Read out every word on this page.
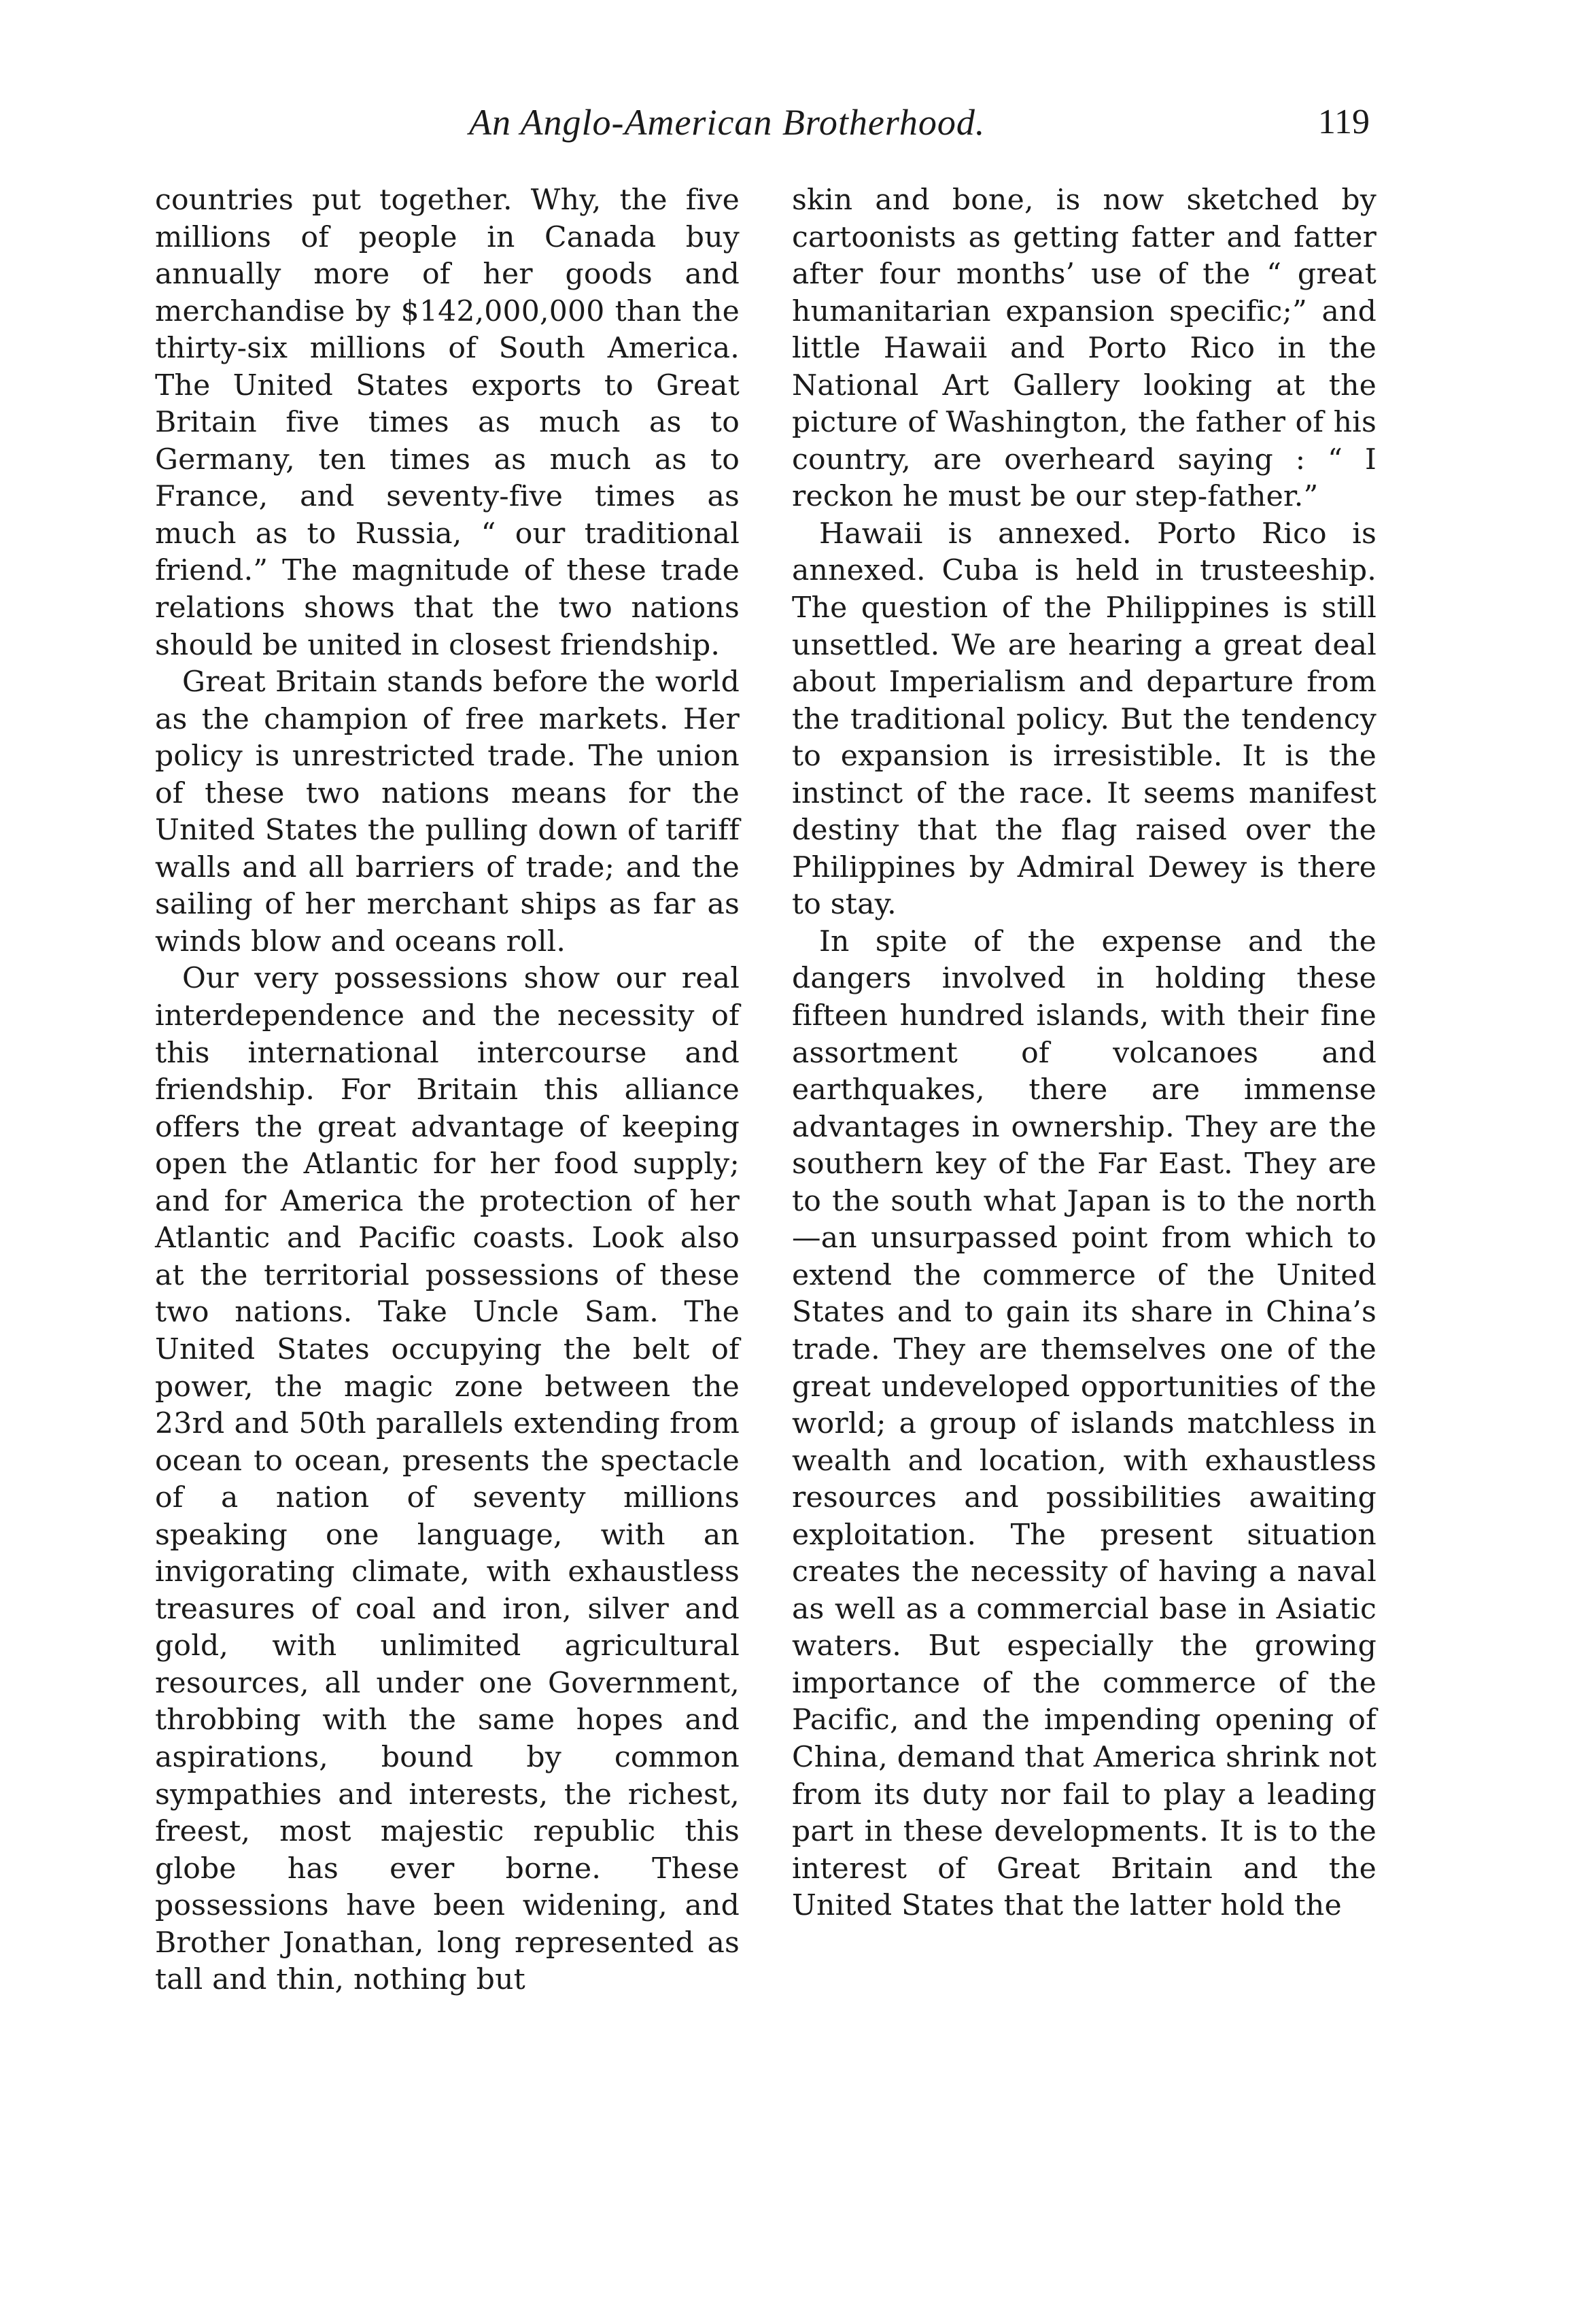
An Anglo-American Brotherhood.	119

countries put together. Why, the five millions of people in Canada buy annually more of her goods and merchandise by $142,000,000 than the thirty-six millions of South America. The United States exports to Great Britain five times as much as to Germany, ten times as much as to France, and seventy-five times as much as to Russia, “ our traditional friend.” The magnitude of these trade relations shows that the two nations should be united in closest friendship.

Great Britain stands before the world as the champion of free markets. Her policy is unrestricted trade. The union of these two nations means for the United States the pulling down of tariff walls and all barriers of trade; and the sailing of her merchant ships as far as winds blow and oceans roll.

Our very possessions show our real interdependence and the necessity of this international intercourse and friendship. For Britain this alliance offers the great advantage of keeping open the Atlantic for her food supply; and for America the protection of her Atlantic and Pacific coasts. Look also at the territorial possessions of these two nations. Take Uncle Sam. The United States occupying the belt of power, the magic zone between the 23rd and 50th parallels extending from ocean to ocean, presents the spectacle of a nation of seventy millions speaking one language, with an invigorating climate, with exhaustless treasures of coal and iron, silver and gold, with unlimited agricultural resources, all under one Government, throbbing with the same hopes and aspirations, bound by common sympathies and interests, the richest, freest, most majestic republic this globe has ever borne. These possessions have been widening, and Brother Jonathan, long represented as tall and thin, nothing but

skin and bone, is now sketched by cartoonists as getting fatter and fatter after four months’ use of the “ great humanitarian expansion specific;” and little Hawaii and Porto Rico in the National Art Gallery looking at the picture of Washington, the father of his country, are overheard saying : “ I reckon he must be our step-father.”

Hawaii is annexed. Porto Rico is annexed. Cuba is held in trusteeship. The question of the Philippines is still unsettled. We are hearing a great deal about Imperialism and departure from the traditional policy. But the tendency to expansion is irresistible. It is the instinct of the race. It seems manifest destiny that the flag raised over the Philippines by Admiral Dewey is there to stay.

In spite of the expense and the dangers involved in holding these fifteen hundred islands, with their fine assortment of volcanoes and earthquakes, there are immense advantages in ownership. They are the southern key of the Far East. They are to the south what Japan is to the north—an unsurpassed point from which to extend the commerce of the United States and to gain its share in China’s trade. They are themselves one of the great undeveloped opportunities of the world; a group of islands matchless in wealth and location, with exhaustless resources and possibilities awaiting exploitation. The present situation creates the necessity of having a naval as well as a commercial base in Asiatic waters. But especially the growing importance of the commerce of the Pacific, and the impending opening of China, demand that America shrink not from its duty nor fail to play a leading part in these developments. It is to the interest of Great Britain and the United States that the latter hold the
